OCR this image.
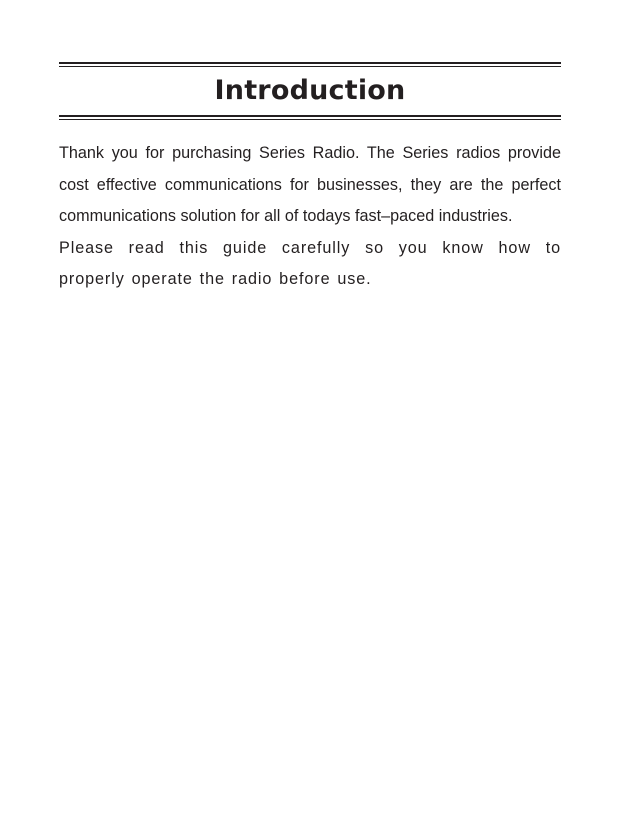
Introduction

Thank you for purchasing Series Radio. The Series radios provide cost effective communications for businesses, they are the perfect communications solution for all of todays fast–paced industries.

Please read this guide carefully so you know how to properly operate the radio before use.
